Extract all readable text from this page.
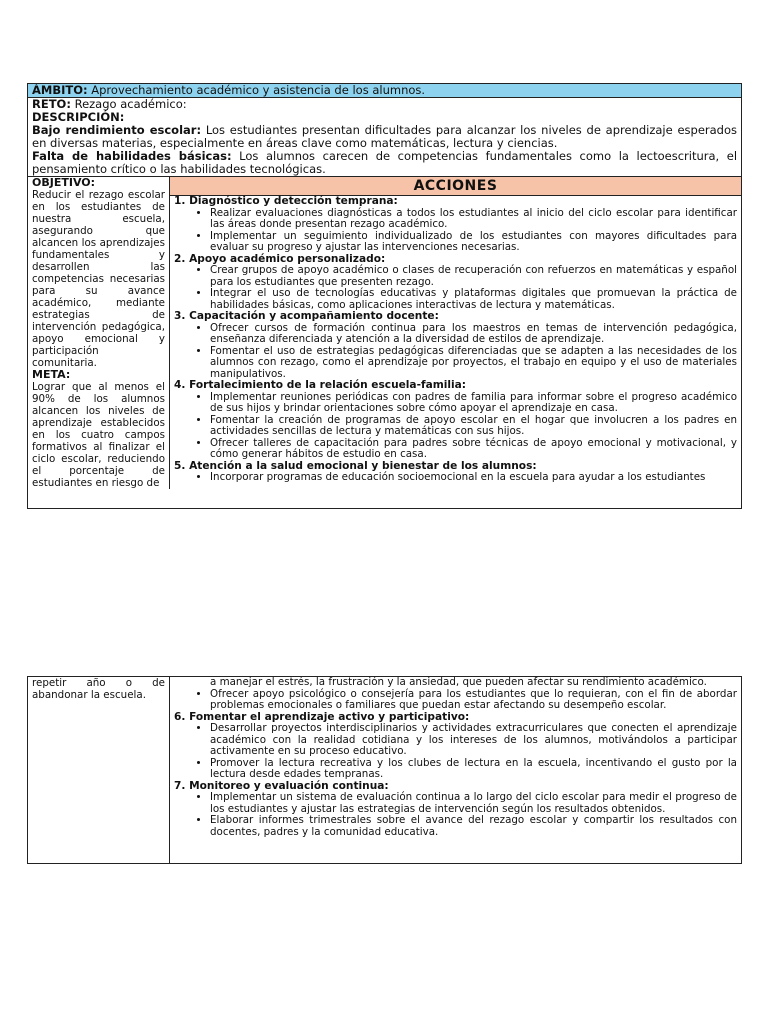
ÁMBITO: Aprovechamiento académico y asistencia de los alumnos.
RETO: Rezago académico:
DESCRIPCIÓN:
Bajo rendimiento escolar: Los estudiantes presentan dificultades para alcanzar los niveles de aprendizaje esperados en diversas materias, especialmente en áreas clave como matemáticas, lectura y ciencias.
Falta de habilidades básicas: Los alumnos carecen de competencias fundamentales como la lectoescritura, el pensamiento crítico o las habilidades tecnológicas.
OBJETIVO:
Reducir el rezago escolar en los estudiantes de nuestra escuela, asegurando que alcancen los aprendizajes fundamentales y desarrollen las competencias necesarias para su avance académico, mediante estrategias de intervención pedagógica, apoyo emocional y participación comunitaria.
META:
Lograr que al menos el 90% de los alumnos alcancen los niveles de aprendizaje establecidos en los cuatro campos formativos al finalizar el ciclo escolar, reduciendo el porcentaje de estudiantes en riesgo de
ACCIONES
1. Diagnóstico y detección temprana:
• Realizar evaluaciones diagnósticas a todos los estudiantes al inicio del ciclo escolar para identificar las áreas donde presentan rezago académico.
• Implementar un seguimiento individualizado de los estudiantes con mayores dificultades para evaluar su progreso y ajustar las intervenciones necesarias.
2. Apoyo académico personalizado:
• Crear grupos de apoyo académico o clases de recuperación con refuerzos en matemáticas y español para los estudiantes que presenten rezago.
• Integrar el uso de tecnologías educativas y plataformas digitales que promuevan la práctica de habilidades básicas, como aplicaciones interactivas de lectura y matemáticas.
3. Capacitación y acompañamiento docente:
• Ofrecer cursos de formación continua para los maestros en temas de intervención pedagógica, enseñanza diferenciada y atención a la diversidad de estilos de aprendizaje.
• Fomentar el uso de estrategias pedagógicas diferenciadas que se adapten a las necesidades de los alumnos con rezago, como el aprendizaje por proyectos, el trabajo en equipo y el uso de materiales manipulativos.
4. Fortalecimiento de la relación escuela-familia:
• Implementar reuniones periódicas con padres de familia para informar sobre el progreso académico de sus hijos y brindar orientaciones sobre cómo apoyar el aprendizaje en casa.
• Fomentar la creación de programas de apoyo escolar en el hogar que involucren a los padres en actividades sencillas de lectura y matemáticas con sus hijos.
• Ofrecer talleres de capacitación para padres sobre técnicas de apoyo emocional y motivacional, y cómo generar hábitos de estudio en casa.
5. Atención a la salud emocional y bienestar de los alumnos:
• Incorporar programas de educación socioemocional en la escuela para ayudar a los estudiantes
repetir año o de abandonar la escuela.
a manejar el estrés, la frustración y la ansiedad, que pueden afectar su rendimiento académico.
• Ofrecer apoyo psicológico o consejería para los estudiantes que lo requieran, con el fin de abordar problemas emocionales o familiares que puedan estar afectando su desempeño escolar.
6. Fomentar el aprendizaje activo y participativo:
• Desarrollar proyectos interdisciplinarios y actividades extracurriculares que conecten el aprendizaje académico con la realidad cotidiana y los intereses de los alumnos, motivándolos a participar activamente en su proceso educativo.
• Promover la lectura recreativa y los clubes de lectura en la escuela, incentivando el gusto por la lectura desde edades tempranas.
7. Monitoreo y evaluación continua:
• Implementar un sistema de evaluación continua a lo largo del ciclo escolar para medir el progreso de los estudiantes y ajustar las estrategias de intervención según los resultados obtenidos.
• Elaborar informes trimestrales sobre el avance del rezago escolar y compartir los resultados con docentes, padres y la comunidad educativa.
